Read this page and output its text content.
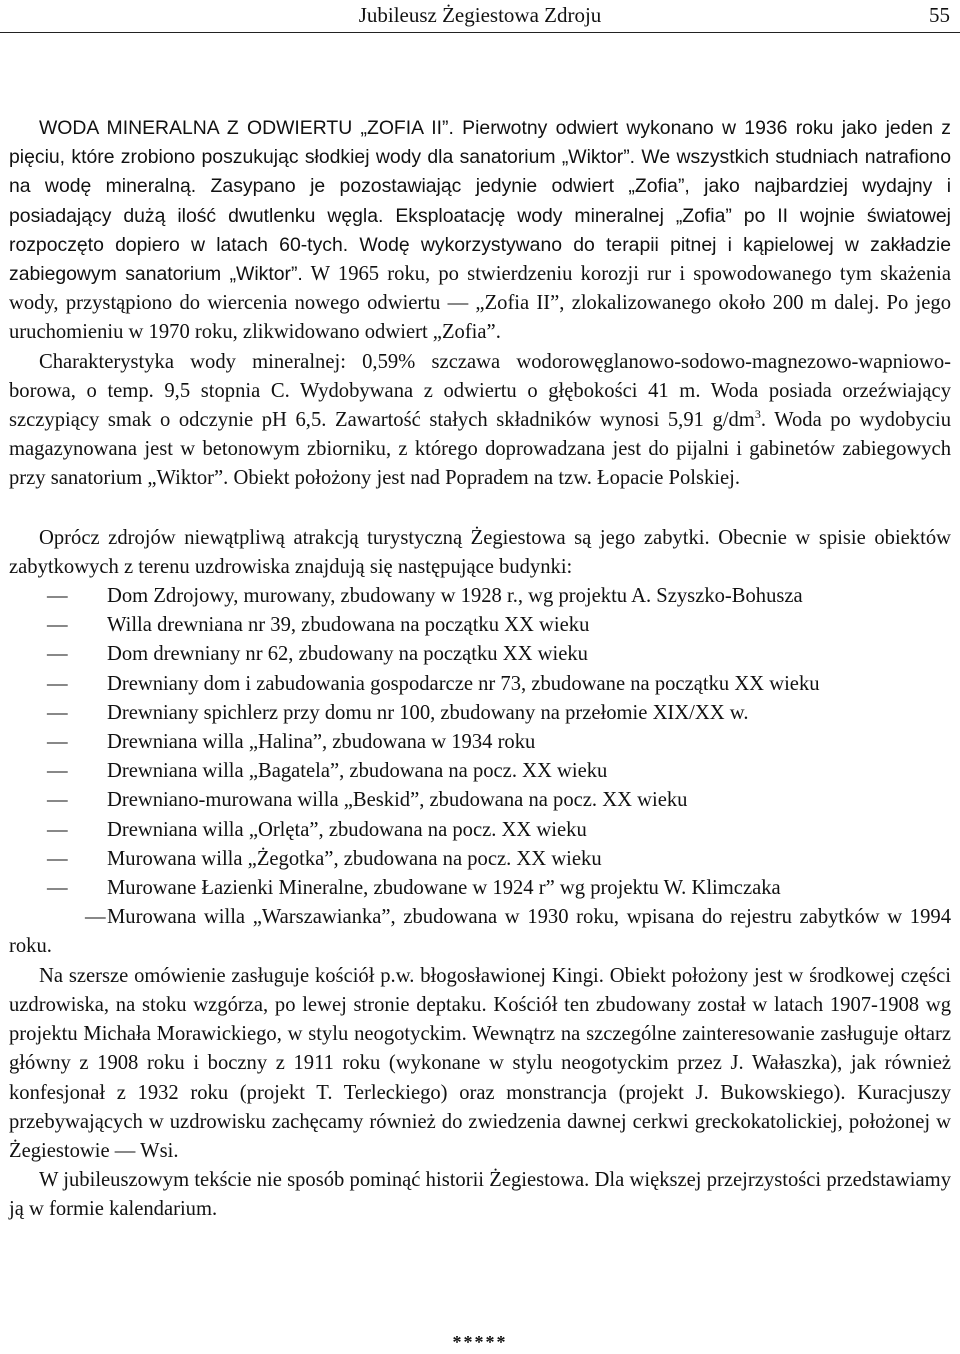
Jubileusz Żegiestowa Zdroju	55

WODA MINERALNA Z ODWIERTU „ZOFIA II”. Pierwotny odwiert wykonano w 1936 roku jako jeden z pięciu, które zrobiono poszukując słodkiej wody dla sanatorium „Wiktor”. We wszystkich studniach natrafiono na wodę mineralną. Zasypano je pozostawiając jedynie odwiert „Zofia”, jako najbardziej wydajny i posiadający dużą ilość dwutlenku węgla. Eksploatację wody mineralnej „Zofia” po II wojnie światowej rozpoczęto dopiero w latach 60-tych. Wodę wykorzystywano do terapii pitnej i kąpielowej w zakładzie zabiegowym sanatorium „Wiktor”. W 1965 roku, po stwierdzeniu korozji rur i spowodowanego tym skażenia wody, przystąpiono do wiercenia nowego odwiertu — „Zofia II”, zlokalizowanego około 200 m dalej. Po jego uruchomieniu w 1970 roku, zlikwidowano odwiert „Zofia”.

Charakterystyka wody mineralnej: 0,59% szczawa wodorowęglanowo-sodowo-magnezowo-wapniowo-borowa, o temp. 9,5 stopnia C. Wydobywana z odwiertu o głębokości 41 m. Woda posiada orzeźwiający szczypiący smak o odczynie pH 6,5. Zawartość stałych składników wynosi 5,91 $g/dm^3$. Woda po wydobyciu magazynowana jest w betonowym zbiorniku, z którego doprowadzana jest do pijalni i gabinetów zabiegowych przy sanatorium „Wiktor”. Obiekt położony jest nad Popradem na tzw. Łopacie Polskiej.

Oprócz zdrojów niewątpliwą atrakcją turystyczną Żegiestowa są jego zabytki. Obecnie w spisie obiektów zabytkowych z terenu uzdrowiska znajdują się następujące budynki:

— Dom Zdrojowy, murowany, zbudowany w 1928 r., wg projektu A. Szyszko-Bohusza
— Willa drewniana nr 39, zbudowana na początku XX wieku
— Dom drewniany nr 62, zbudowany na początku XX wieku
— Drewniany dom i zabudowania gospodarcze nr 73, zbudowane na początku XX wieku
— Drewniany spichlerz przy domu nr 100, zbudowany na przełomie XIX/XX w.
— Drewniana willa „Halina”, zbudowana w 1934 roku
— Drewniana willa „Bagatela”, zbudowana na pocz. XX wieku
— Drewniano-murowana willa „Beskid”, zbudowana na pocz. XX wieku
— Drewniana willa „Orlęta”, zbudowana na pocz. XX wieku
— Murowana willa „Żegotka”, zbudowana na pocz. XX wieku
— Murowane Łazienki Mineralne, zbudowane w 1924 r” wg projektu W. Klimczaka
—Murowana willa „Warszawianka”, zbudowana w 1930 roku, wpisana do rejestru zabytków w 1994 roku.

Na szersze omówienie zasługuje kościół p.w. błogosławionej Kingi. Obiekt położony jest w środkowej części uzdrowiska, na stoku wzgórza, po lewej stronie deptaku. Kościół ten zbudowany został w latach 1907-1908 wg projektu Michała Morawickiego, w stylu neogotyckim. Wewnątrz na szczególne zainteresowanie zasługuje ołtarz główny z 1908 roku i boczny z 1911 roku (wykonane w stylu neogotyckim przez J. Wałaszka), jak również konfesjonał z 1932 roku (projekt T. Terleckiego) oraz monstrancja (projekt J. Bukowskiego). Kuracjuszy przebywających w uzdrowisku zachęcamy również do zwiedzenia dawnej cerkwi greckokatolickiej, położonej w Żegiestowie — Wsi.

W jubileuszowym tekście nie sposób pominąć historii Żegiestowa. Dla większej przejrzystości przedstawiamy ją w formie kalendarium.

*****
